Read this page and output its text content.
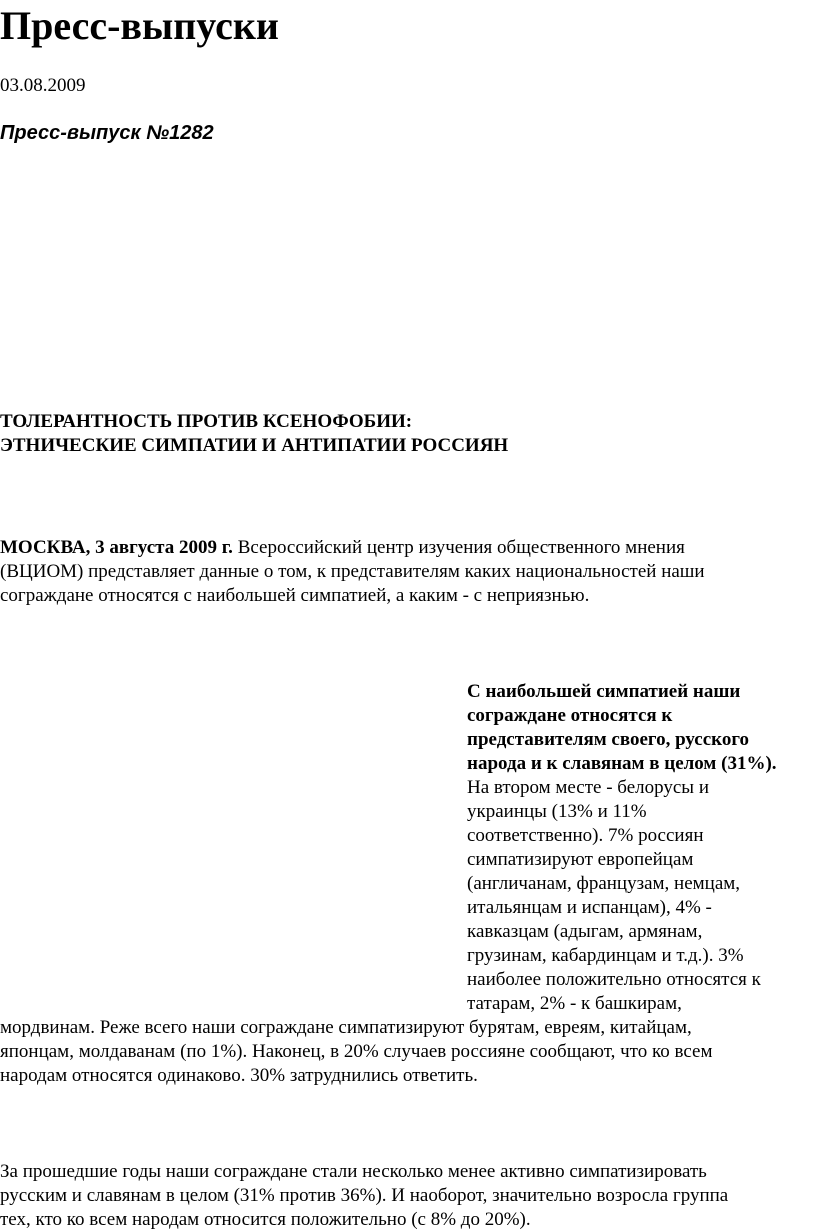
Пресс-выпуски
03.08.2009
Пресс-выпуск №1282
ТОЛЕРАНТНОСТЬ ПРОТИВ КСЕНОФОБИИ:
ЭТНИЧЕСКИЕ СИМПАТИИ И АНТИПАТИИ РОССИЯН
МОСКВА, 3 августа 2009 г. Всероссийский центр изучения общественного мнения
(ВЦИОМ) представляет данные о том, к представителям каких национальностей наши
сограждане относятся с наибольшей симпатией, а каким - с неприязнью.
С наибольшей симпатией наши
сограждане относятся к
представителям своего, русского
народа и к славянам в целом (31%).
На втором месте - белорусы и
украинцы (13% и 11%
соответственно). 7% россиян
симпатизируют европейцам
(англичанам, французам, немцам,
итальянцам и испанцам), 4% -
кавказцам (адыгам, армянам,
грузинам, кабардинцам и т.д.). 3%
наиболее положительно относятся к
татарам, 2% - к башкирам,
мордвинам. Реже всего наши сограждане симпатизируют бурятам, евреям, китайцам,
японцам, молдаванам (по 1%). Наконец, в 20% случаев россияне сообщают, что ко всем
народам относятся одинаково. 30% затруднились ответить.
За прошедшие годы наши сограждане стали несколько менее активно симпатизировать
русским и славянам в целом (31% против 36%). И наоборот, значительно возросла группа
тех, кто ко всем народам относится положительно (с 8% до 20%).
